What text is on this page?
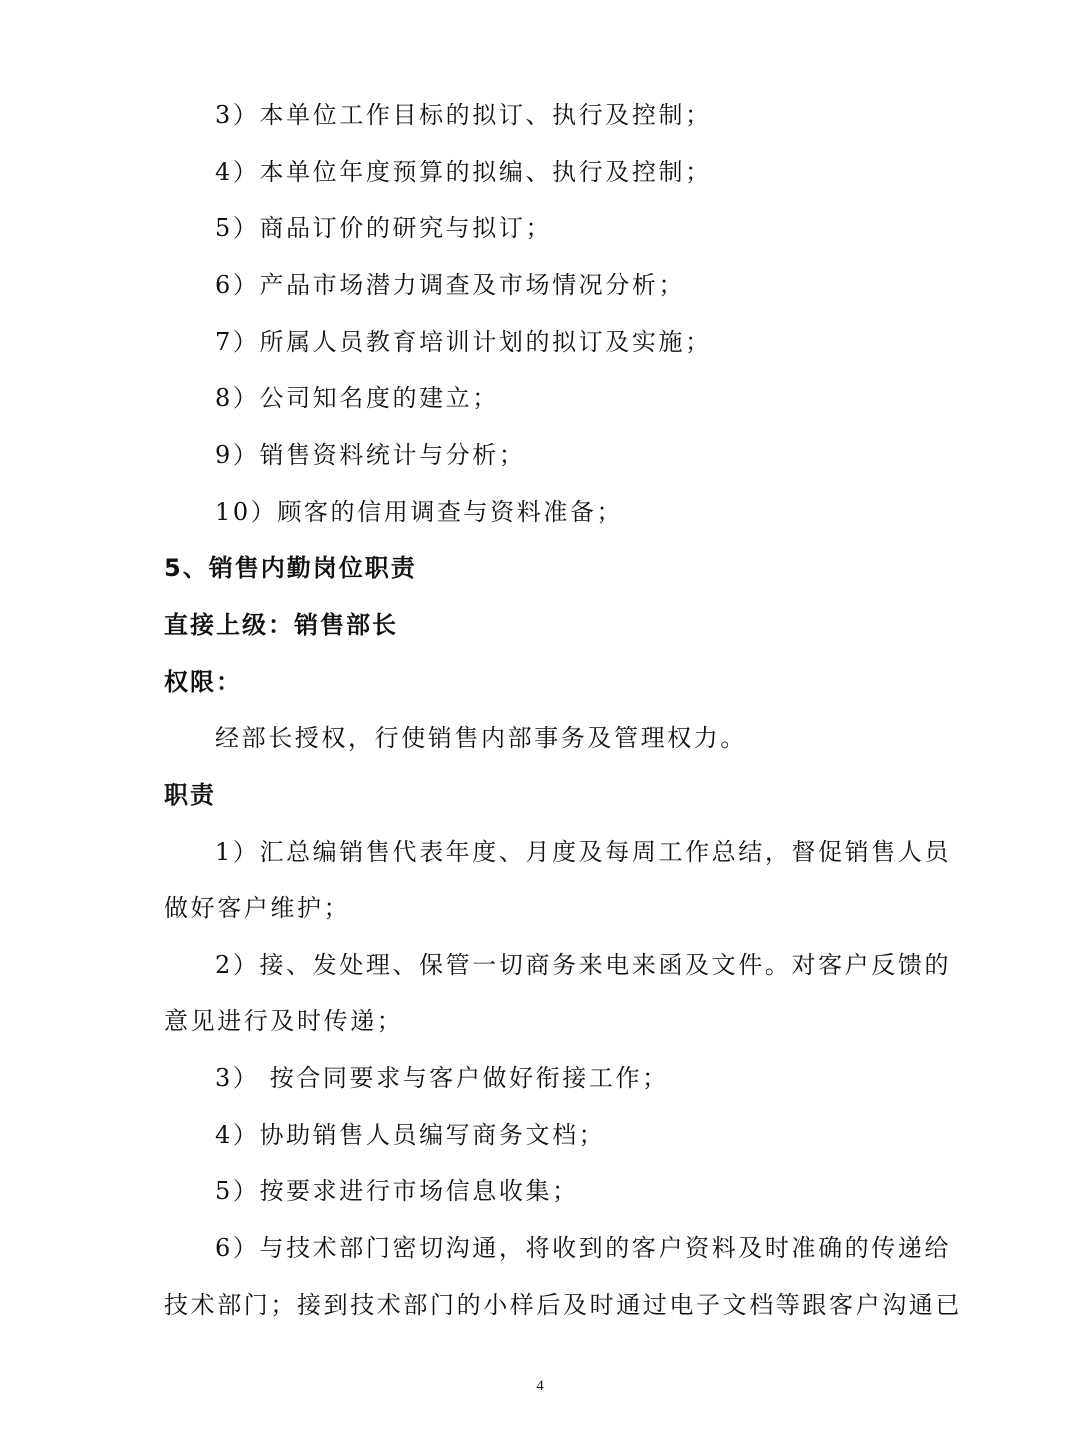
3）本单位工作目标的拟订、执行及控制；
4）本单位年度预算的拟编、执行及控制；
5）商品订价的研究与拟订；
6）产品市场潜力调查及市场情况分析；
7）所属人员教育培训计划的拟订及实施；
8）公司知名度的建立；
9）销售资料统计与分析；
10）顾客的信用调查与资料准备；
5、销售内勤岗位职责
直接上级：销售部长
权限：
经部长授权，行使销售内部事务及管理权力。
职责
1）汇总编销售代表年度、月度及每周工作总结，督促销售人员
做好客户维护；
2）接、发处理、保管一切商务来电来函及文件。对客户反馈的
意见进行及时传递；
3） 按合同要求与客户做好衔接工作；
4）协助销售人员编写商务文档；
5）按要求进行市场信息收集；
6）与技术部门密切沟通，将收到的客户资料及时准确的传递给
技术部门；接到技术部门的小样后及时通过电子文档等跟客户沟通已
4
